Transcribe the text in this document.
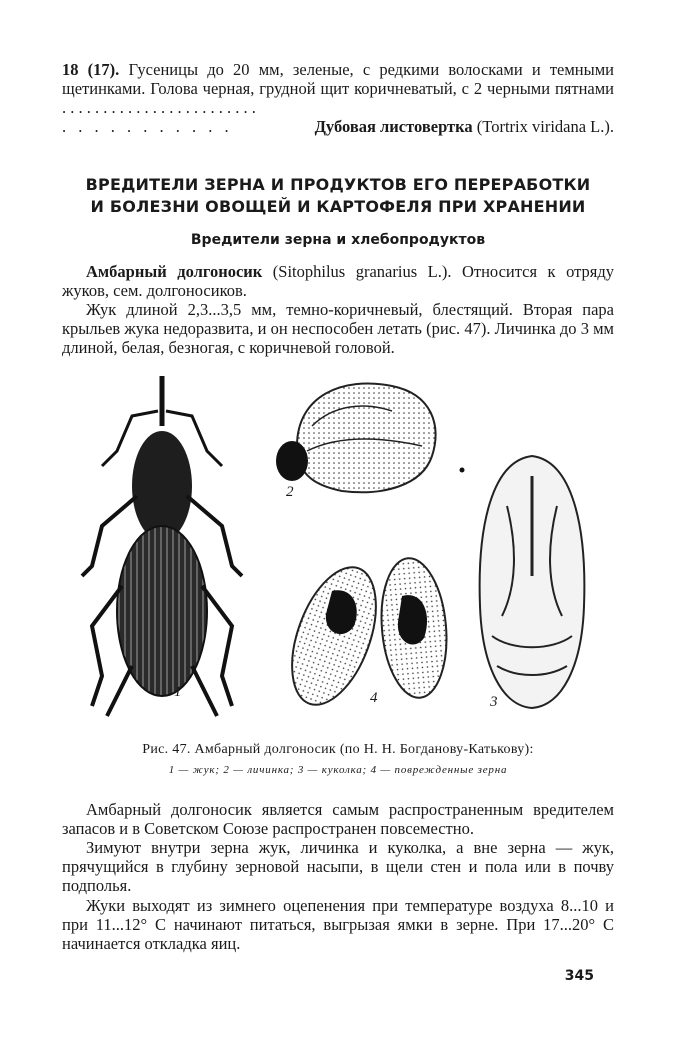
18 (17). Гусеницы до 20 мм, зеленые, с редкими волосками и темными щетинками. Голова черная, грудной щит коричневатый, с 2 черными пятнами . . . . . . . . . . . . . . . . . . . . . . . .
. . . . . . . . . . .	Дубовая листовертка (Tortrix viridana L.).
ВРЕДИТЕЛИ ЗЕРНА И ПРОДУКТОВ ЕГО ПЕРЕРАБОТКИ
И БОЛЕЗНИ ОВОЩЕЙ И КАРТОФЕЛЯ ПРИ ХРАНЕНИИ
Вредители зерна и хлебопродуктов
Амбарный долгоносик (Sitophilus granarius L.). Относится к отряду жуков, сем. долгоносиков.
Жук длиной 2,3...3,5 мм, темно-коричневый, блестящий. Вторая пара крыльев жука недоразвита, и он неспособен летать (рис. 47). Личинка до 3 мм длиной, белая, безногая, с коричневой головой.
1
2
3
4
Рис. 47. Амбарный долгоносик (по Н. Н. Богданову-Катькову):
1 — жук; 2 — личинка; 3 — куколка; 4 — поврежденные зерна
Амбарный долгоносик является самым распространенным вредителем запасов и в Советском Союзе распространен повсеместно.
Зимуют внутри зерна жук, личинка и куколка, а вне зерна — жук, прячущийся в глубину зерновой насыпи, в щели стен и пола или в почву подполья.
Жуки выходят из зимнего оцепенения при температуре воздуха 8...10 и при 11...12° С начинают питаться, выгрызая ямки в зерне. При 17...20° С начинается откладка яиц.
345
